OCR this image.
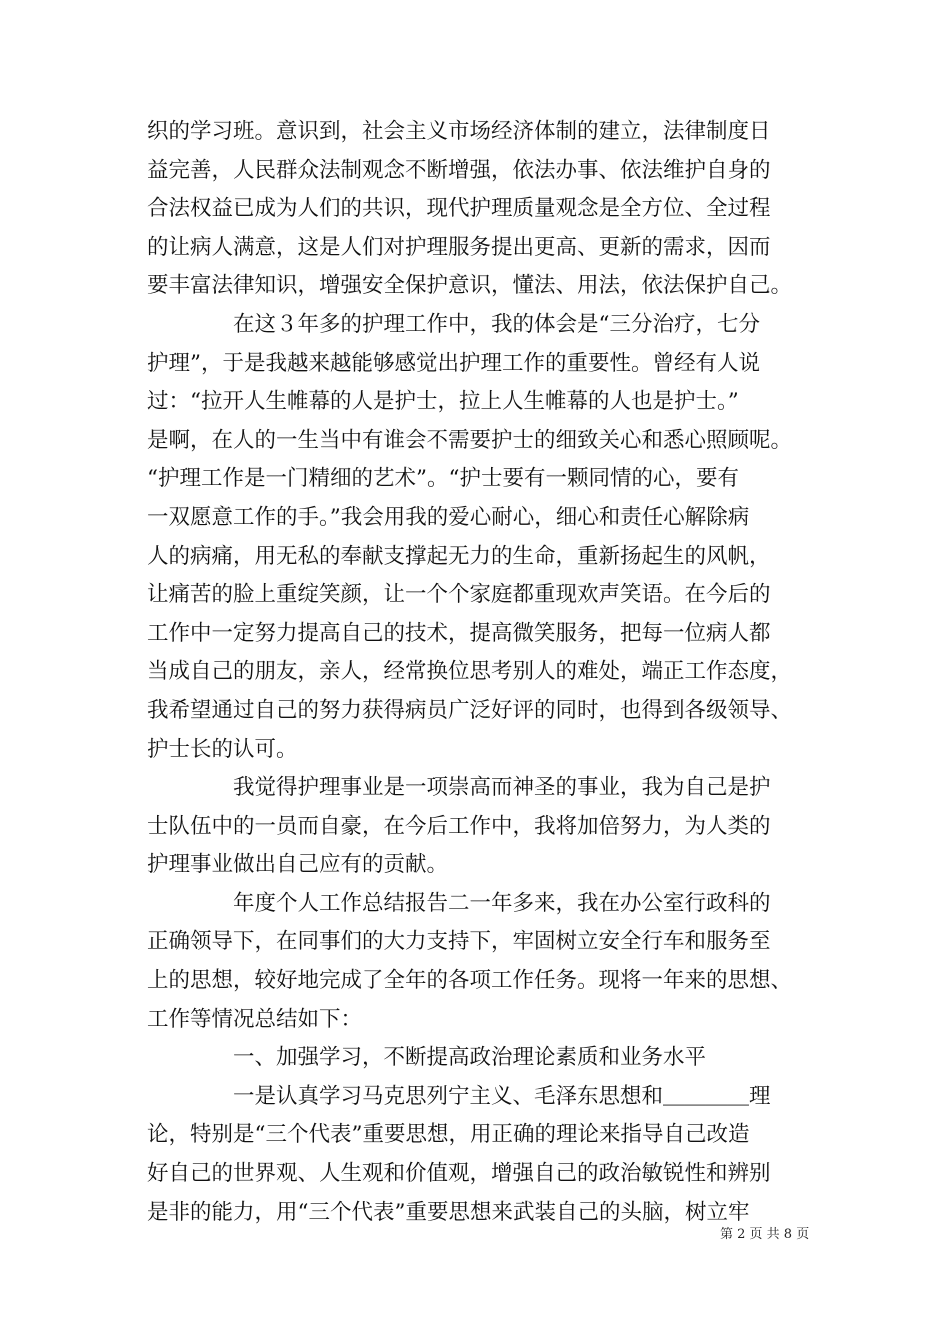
织的学习班。意识到，社会主义市场经济体制的建立，法律制度日
益完善，人民群众法制观念不断增强，依法办事、依法维护自身的
合法权益已成为人们的共识，现代护理质量观念是全方位、全过程
的让病人满意，这是人们对护理服务提出更高、更新的需求，因而
要丰富法律知识，增强安全保护意识，懂法、用法，依法保护自己。
　　　　在这３年多的护理工作中，我的体会是“三分治疗，七分
护理”，于是我越来越能够感觉出护理工作的重要性。曾经有人说
过：“拉开人生帷幕的人是护士，拉上人生帷幕的人也是护士。”
是啊，在人的一生当中有谁会不需要护士的细致关心和悉心照顾呢。
“护理工作是一门精细的艺术”。“护士要有一颗同情的心，要有
一双愿意工作的手。”我会用我的爱心耐心，细心和责任心解除病
人的病痛，用无私的奉献支撑起无力的生命，重新扬起生的风帆，
让痛苦的脸上重绽笑颜，让一个个家庭都重现欢声笑语。在今后的
工作中一定努力提高自己的技术，提高微笑服务，把每一位病人都
当成自己的朋友，亲人，经常换位思考别人的难处，端正工作态度，
我希望通过自己的努力获得病员广泛好评的同时，也得到各级领导、
护士长的认可。
　　　　我觉得护理事业是一项崇高而神圣的事业，我为自己是护
士队伍中的一员而自豪，在今后工作中，我将加倍努力，为人类的
护理事业做出自己应有的贡献。
　　　　年度个人工作总结报告二一年多来，我在办公室行政科的
正确领导下，在同事们的大力支持下，牢固树立安全行车和服务至
上的思想，较好地完成了全年的各项工作任务。现将一年来的思想、
工作等情况总结如下：
　　　　一、加强学习，不断提高政治理论素质和业务水平
　　　　一是认真学习马克思列宁主义、毛泽东思想和＿＿＿＿理
论，特别是“三个代表”重要思想，用正确的理论来指导自己改造
好自己的世界观、人生观和价值观，增强自己的政治敏锐性和辨别
是非的能力，用“三个代表”重要思想来武装自己的头脑，树立牢
第 2 页 共 8 页
